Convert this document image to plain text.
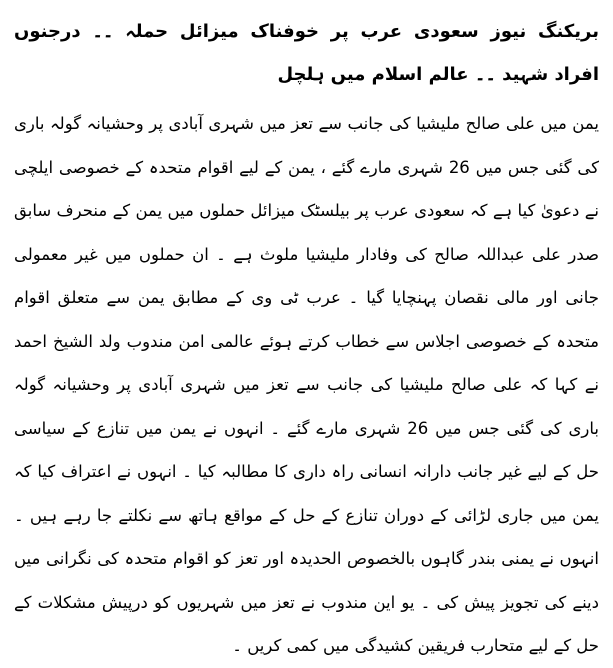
بریکنگ نیوز سعودی عرب پر خوفناک میزائل حملہ ۔۔ درجنوں افراد شہید ۔۔ عالم اسلام میں ہلچل

یمن میں علی صالح ملیشیا کی جانب سے تعز میں شہری آبادی پر وحشیانہ گولہ باری کی گئی جس میں 26 شہری مارے گئے ، یمن کے لیے اقوام متحدہ کے خصوصی ایلچی نے دعویٰ کیا ہے کہ سعودی عرب پر بیلسٹک میزائل حملوں میں یمن کے منحرف سابق صدر علی عبداللہ صالح کی وفادار ملیشیا ملوث ہے ۔ ان حملوں میں غیر معمولی جانی اور مالی نقصان پہنچایا گیا ۔ عرب ٹی وی کے مطابق یمن سے متعلق اقوام متحدہ کے خصوصی اجلاس سے خطاب کرتے ہوئے عالمی امن مندوب ولد الشیخ احمد نے کہا کہ علی صالح ملیشیا کی جانب سے تعز میں شہری آبادی پر وحشیانہ گولہ باری کی گئی جس میں 26 شہری مارے گئے ۔ انہوں نے یمن میں تنازع کے سیاسی حل کے لیے غیر جانب دارانہ انسانی راہ داری کا مطالبہ کیا ۔ انہوں نے اعتراف کیا کہ یمن میں جاری لڑائی کے دوران تنازع کے حل کے مواقع ہاتھ سے نکلتے جا رہے ہیں ۔ انہوں نے یمنی بندر گاہوں بالخصوص الحدیدہ اور تعز کو اقوام متحدہ کی نگرانی میں دینے کی تجویز پیش کی ۔ یو این مندوب نے تعز میں شہریوں کو درپیش مشکلات کے حل کے لیے متحارب فریقین کشیدگی میں کمی کریں ۔
